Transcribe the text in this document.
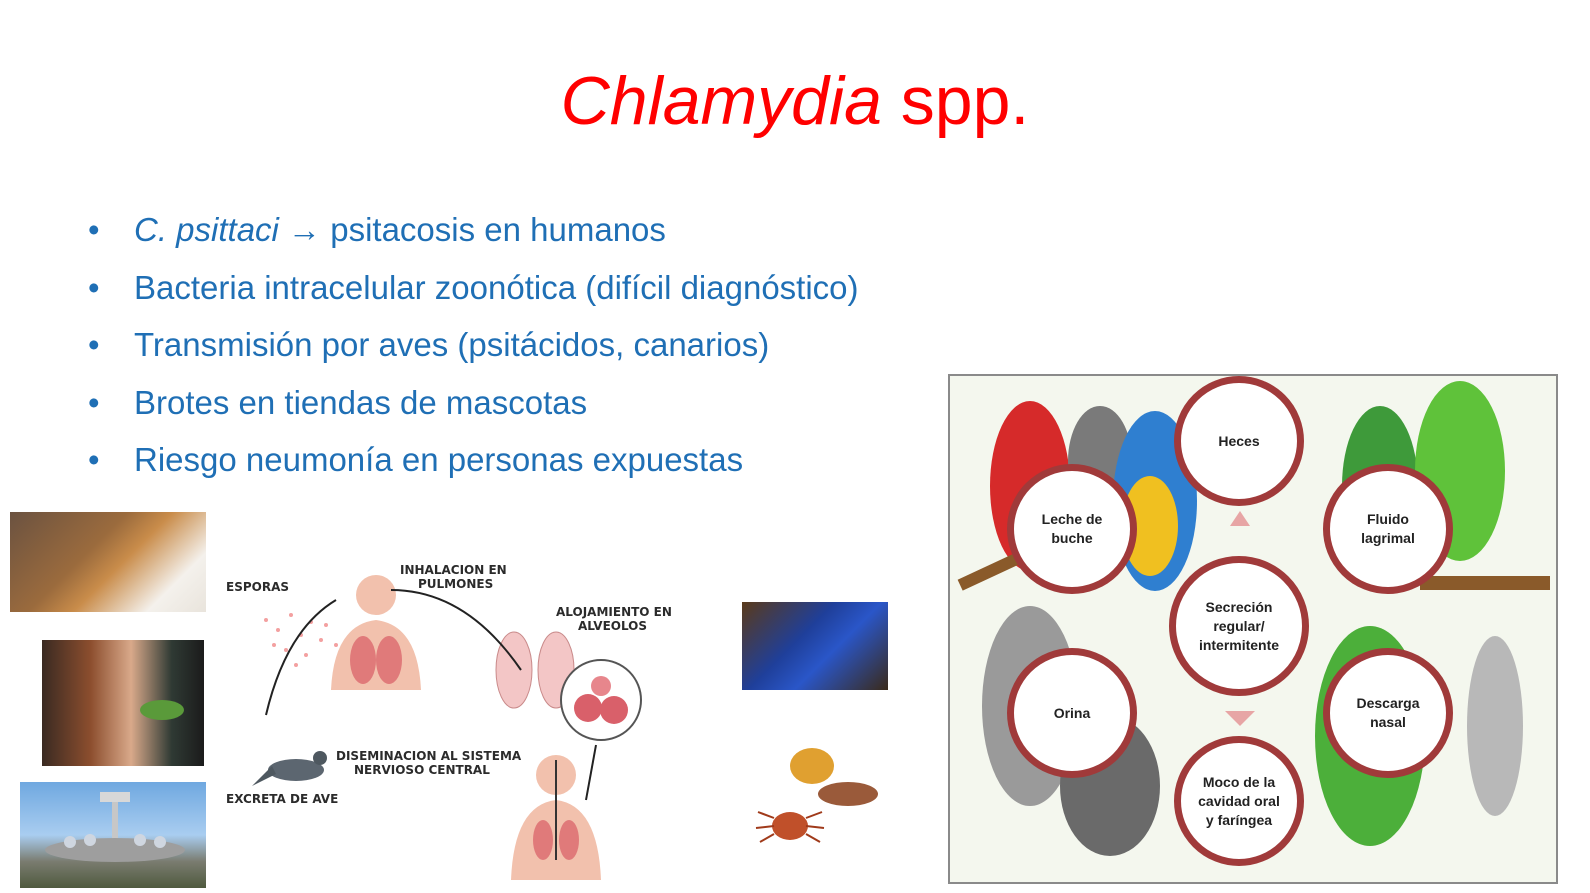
Chlamydia spp.
• C. psittaci → psitacosis en humanos
• Bacteria intracelular zoonótica (difícil diagnóstico)
• Transmisión por aves (psitácidos, canarios)
• Brotes en tiendas de mascotas
• Riesgo neumonía en personas expuestas
ESPORAS
INHALACION EN
PULMONES
ALOJAMIENTO EN
ALVEOLOS
DISEMINACION AL SISTEMA
NERVIOSO CENTRAL
EXCRETA DE AVE
Heces
Fluido
lagrimal
Descarga
nasal
Moco de la
cavidad oral
y faríngea
Orina
Leche de
buche
Secreción
regular/
intermitente
